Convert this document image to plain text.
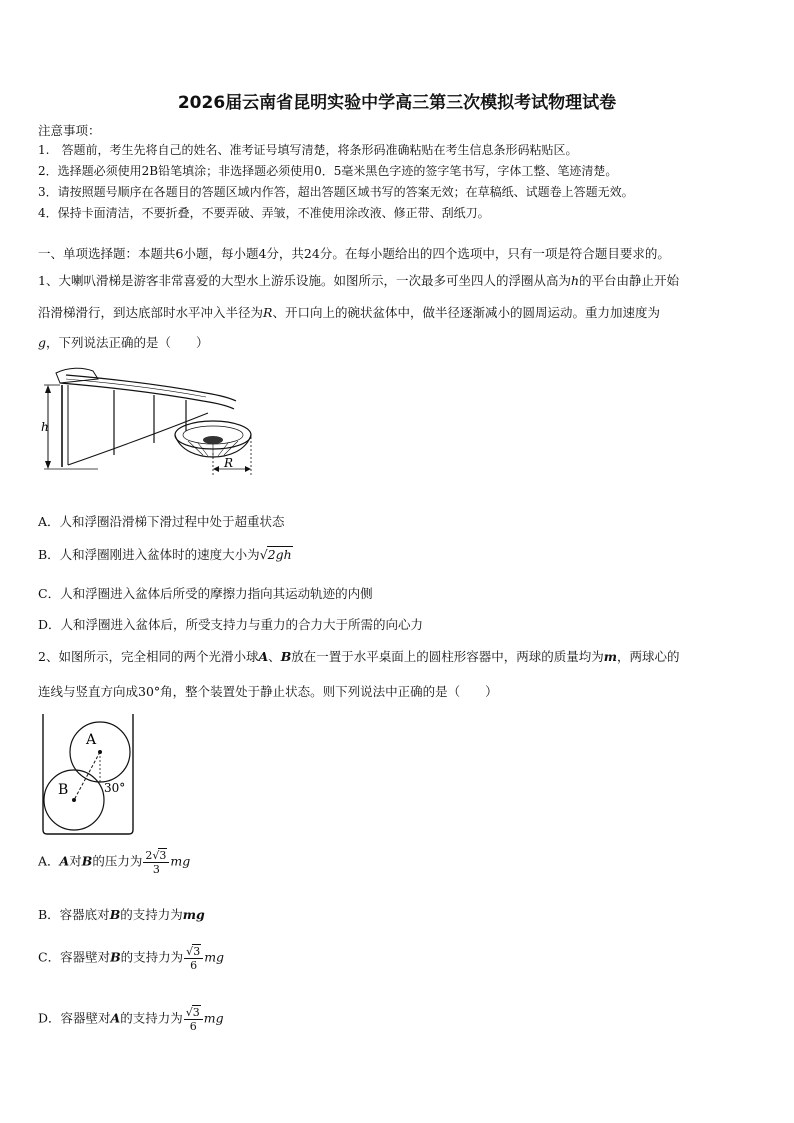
2026届云南省昆明实验中学高三第三次模拟考试物理试卷
注意事项：
1.　答题前，考生先将自己的姓名、准考证号填写清楚，将条形码准确粘贴在考生信息条形码粘贴区。
2．选择题必须使用2B铅笔填涂；非选择题必须使用0．5毫米黑色字迹的签字笔书写，字体工整、笔迹清楚。
3．请按照题号顺序在各题目的答题区域内作答，超出答题区域书写的答案无效；在草稿纸、试题卷上答题无效。
4．保持卡面清洁，不要折叠，不要弄破、弄皱，不准使用涂改液、修正带、刮纸刀。
一、单项选择题：本题共6小题，每小题4分，共24分。在每小题给出的四个选项中，只有一项是符合题目要求的。
1、大喇叭滑梯是游客非常喜爱的大型水上游乐设施。如图所示，一次最多可坐四人的浮圈从高为h的平台由静止开始
沿滑梯滑行，到达底部时水平冲入半径为R、开口向上的碗状盆体中，做半径逐渐减小的圆周运动。重力加速度为
g，下列说法正确的是（　　）
h
R
A．人和浮圈沿滑梯下滑过程中处于超重状态
B．人和浮圈刚进入盆体时的速度大小为√2gh
C．人和浮圈进入盆体后所受的摩擦力指向其运动轨迹的内侧
D．人和浮圈进入盆体后，所受支持力与重力的合力大于所需的向心力
2、如图所示，完全相同的两个光滑小球A、B放在一置于水平桌面上的圆柱形容器中，两球的质量均为m，两球心的
连线与竖直方向成30°角，整个装置处于静止状态。则下列说法中正确的是（　　）
A
B	30°
A．A对B的压力为 $\frac{2√3}{3}$ mg
B．容器底对B的支持力为mg
C．容器壁对B的支持力为 $\frac{√3}{6}$ mg
D．容器壁对A的支持力为 $\frac{√3}{6}$ mg
